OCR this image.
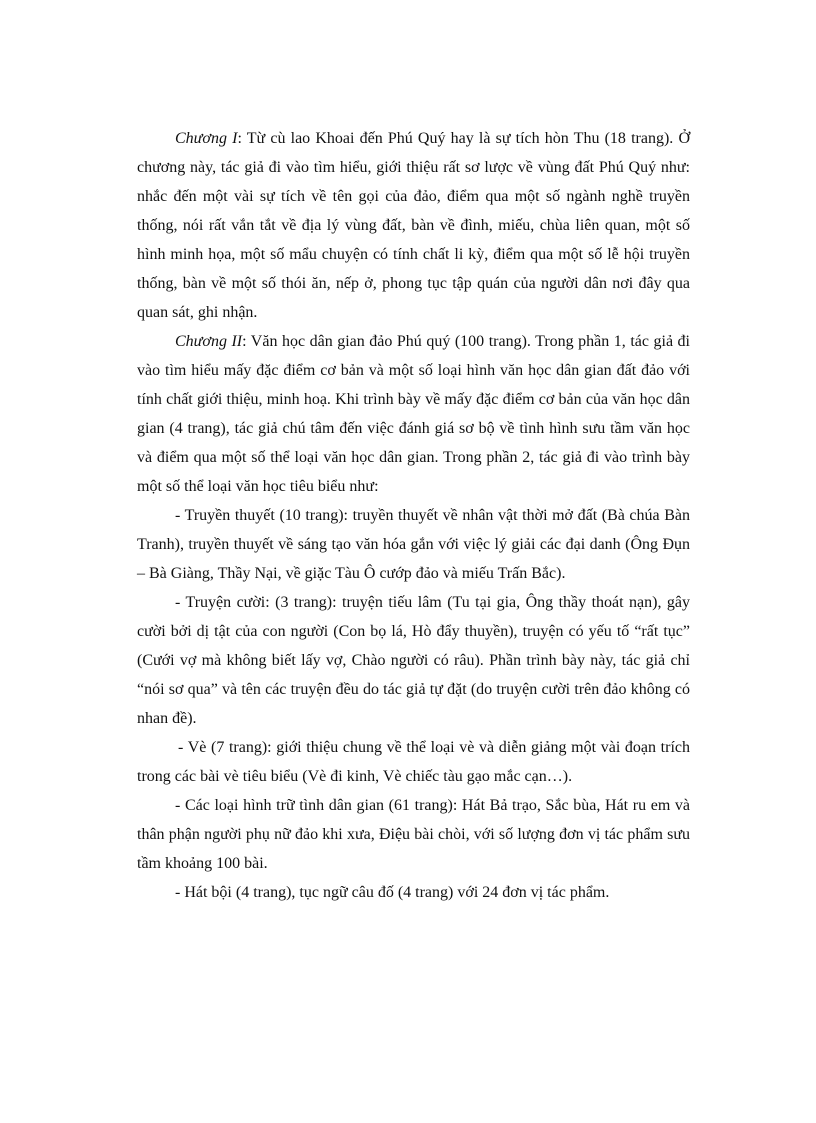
Chương I: Từ cù lao Khoai đến Phú Quý hay là sự tích hòn Thu (18 trang). Ở chương này, tác giả đi vào tìm hiểu, giới thiệu rất sơ lược về vùng đất Phú Quý như: nhắc đến một vài sự tích về tên gọi của đảo, điểm qua một số ngành nghề truyền thống, nói rất vắn tắt về địa lý vùng đất, bàn về đình, miếu, chùa liên quan, một số hình minh họa, một số mẩu chuyện có tính chất li kỳ, điểm qua một số lễ hội truyền thống, bàn về một số thói ăn, nếp ở, phong tục tập quán của người dân nơi đây qua quan sát, ghi nhận.

Chương II: Văn học dân gian đảo Phú quý (100 trang). Trong phần 1, tác giả đi vào tìm hiểu mấy đặc điểm cơ bản và một số loại hình văn học dân gian đất đảo với tính chất giới thiệu, minh hoạ. Khi trình bày về mấy đặc điểm cơ bản của văn học dân gian (4 trang), tác giả chú tâm đến việc đánh giá sơ bộ về tình hình sưu tầm văn học và điểm qua một số thể loại văn học dân gian. Trong phần 2, tác giả đi vào trình bày một số thể loại văn học tiêu biểu như:

- Truyền thuyết (10 trang): truyền thuyết về nhân vật thời mở đất (Bà chúa Bàn Tranh), truyền thuyết về sáng tạo văn hóa gắn với việc lý giải các đại danh (Ông Đụn – Bà Giàng, Thầy Nại, về giặc Tàu Ô cướp đảo và miếu Trấn Bắc).

- Truyện cười: (3 trang): truyện tiếu lâm (Tu tại gia, Ông thầy thoát nạn), gây cười bởi dị tật của con người (Con bọ lá, Hò đẩy thuyền), truyện có yếu tố “rất tục” (Cưới vợ mà không biết lấy vợ, Chào người có râu). Phần trình bày này, tác giả chỉ “nói sơ qua” và tên các truyện đều do tác giả tự đặt (do truyện cười trên đảo không có nhan đề).

- Vè (7 trang): giới thiệu chung về thể loại vè và diễn giảng một vài đoạn trích trong các bài vè tiêu biểu (Vè đi kinh, Vè chiếc tàu gạo mắc cạn…).

- Các loại hình trữ tình dân gian (61 trang): Hát Bả trạo, Sắc bùa, Hát ru em và thân phận người phụ nữ đảo khi xưa, Điệu bài chòi, với số lượng đơn vị tác phẩm sưu tầm khoảng 100 bài.

- Hát bội (4 trang), tục ngữ câu đố (4 trang) với 24 đơn vị tác phẩm.
